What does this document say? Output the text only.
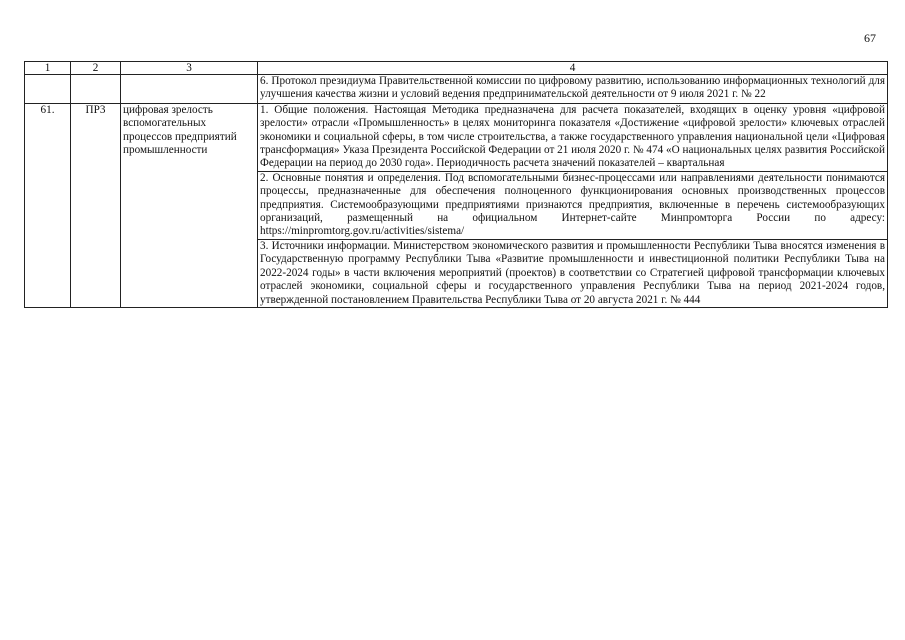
67
1	2	3	4
			6. Протокол президиума Правительственной комиссии по цифровому развитию, использованию информационных технологий для улучшения качества жизни и условий ведения предпринимательской деятельности от 9 июля 2021 г. № 22
61.	ПР3	цифровая зрелость вспомогательных процессов предприятий промышленности	1. Общие положения. Настоящая Методика предназначена для расчета показателей, входящих в оценку уровня «цифровой зрелости» отрасли «Промышленность» в целях мониторинга показателя «Достижение «цифровой зрелости» ключевых отраслей экономики и социальной сферы, в том числе строительства, а также государственного управления национальной цели «Цифровая трансформация» Указа Президента Российской Федерации от 21 июля 2020 г. № 474 «О национальных целях развития Российской Федерации на период до 2030 года». Периодичность расчета значений показателей – квартальная
			2. Основные понятия и определения. Под вспомогательными бизнес-процессами или направлениями деятельности понимаются процессы, предназначенные для обеспечения полноценного функционирования основных производственных процессов предприятия. Системообразующими предприятиями признаются предприятия, включенные в перечень системообразующих организаций, размещенный на официальном Интернет-сайте Минпромторга России по адресу: https://minpromtorg.gov.ru/activities/sistema/
			3. Источники информации. Министерством экономического развития и промышленности Республики Тыва вносятся изменения в Государственную программу Республики Тыва «Развитие промышленности и инвестиционной политики Республики Тыва на 2022-2024 годы» в части включения мероприятий (проектов) в соответствии со Стратегией цифровой трансформации ключевых отраслей экономики, социальной сферы и государственного управления Республики Тыва на период 2021-2024 годов, утвержденной постановлением Правительства Республики Тыва от 20 августа 2021 г. № 444
